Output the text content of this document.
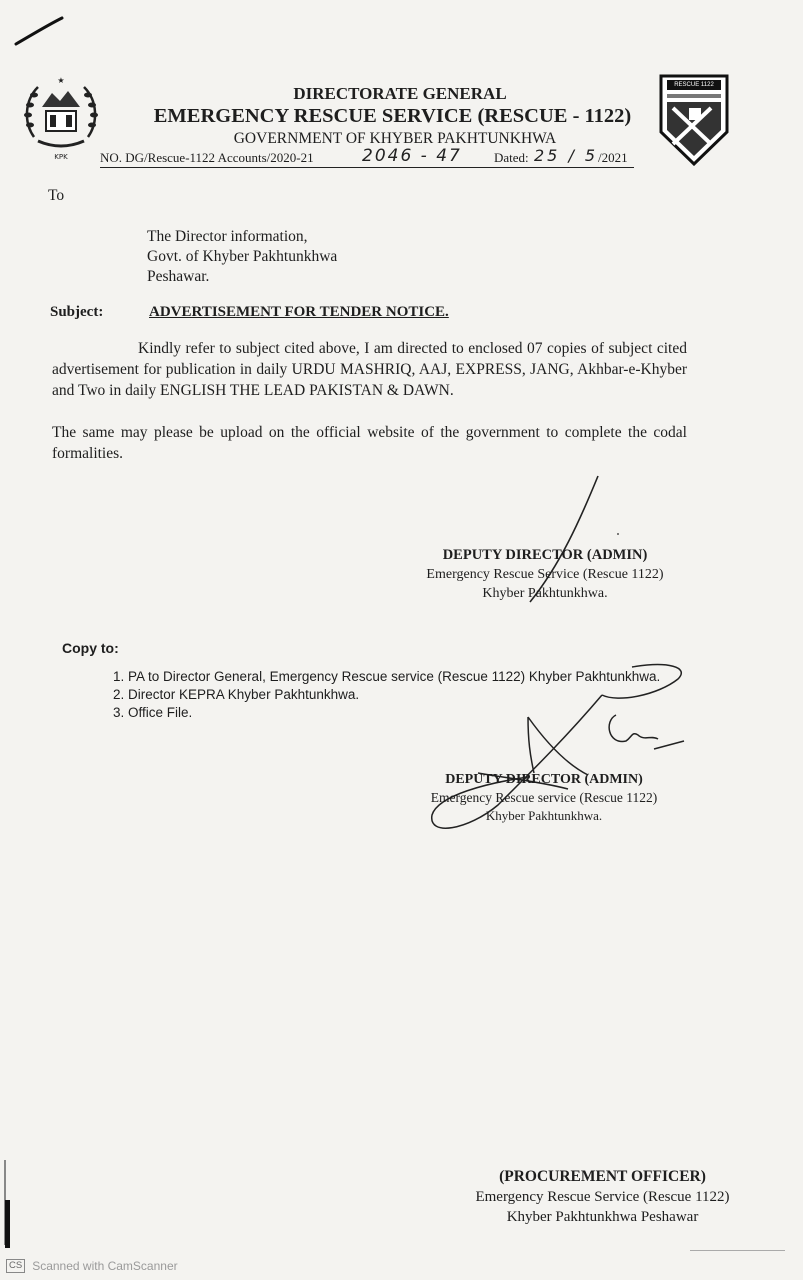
KPK
★	RESCUE 1122
DIRECTORATE GENERAL
EMERGENCY RESCUE SERVICE (RESCUE - 1122)
GOVERNMENT OF KHYBER PAKHTUNKHWA
NO. DG/Rescue-1122 Accounts/2020-21	2046 - 47 Dated: 25 / 5 /2021
To
The Director information,
Govt. of Khyber Pakhtunkhwa
Peshawar.
Subject:	ADVERTISEMENT FOR TENDER NOTICE.
Kindly refer to subject cited above, I am directed to enclosed 07 copies of subject cited advertisement for publication in daily URDU MASHRIQ, AAJ, EXPRESS, JANG, Akhbar-e-Khyber and Two in daily ENGLISH THE LEAD PAKISTAN & DAWN.
The same may please be upload on the official website of the government to complete the codal formalities.
DEPUTY DIRECTOR (ADMIN)
Emergency Rescue Service (Rescue 1122)
Khyber Pakhtunkhwa.
Copy to:
1. PA to Director General, Emergency Rescue service (Rescue 1122) Khyber Pakhtunkhwa.
2. Director KEPRA Khyber Pakhtunkhwa.
3. Office File.
DEPUTY DIRECTOR (ADMIN)
Emergency Rescue service (Rescue 1122)
Khyber Pakhtunkhwa.
(PROCUREMENT OFFICER)
Emergency Rescue Service (Rescue 1122)
Khyber Pakhtunkhwa Peshawar
CS Scanned with CamScanner
